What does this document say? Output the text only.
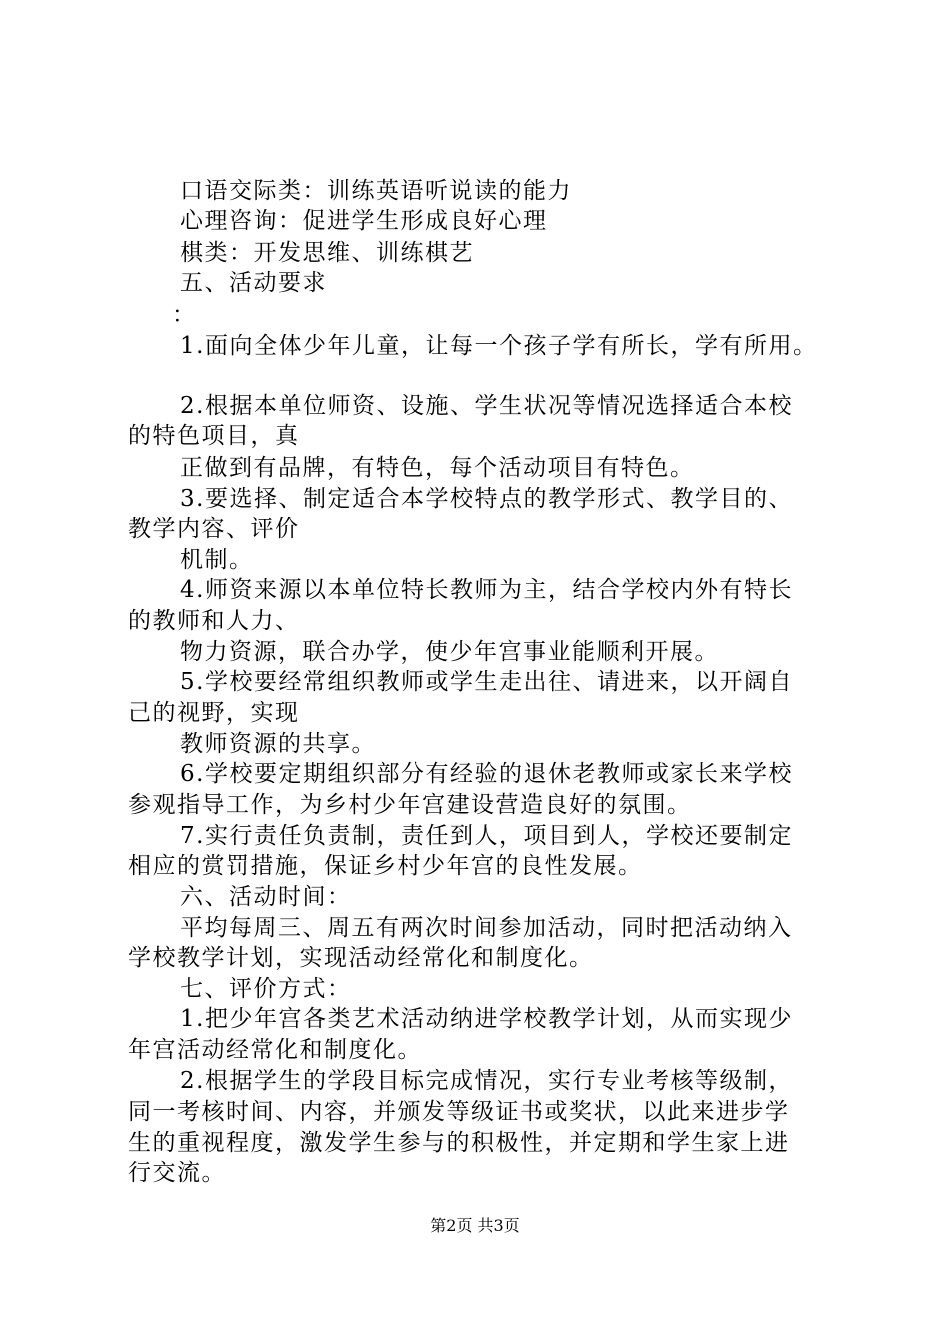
口语交际类：训练英语听说读的能力
心理咨询：促进学生形成良好心理
棋类：开发思维、训练棋艺
五、活动要求
：
1.面向全体少年儿童，让每一个孩子学有所长，学有所用。
2.根据本单位师资、设施、学生状况等情况选择适合本校
的特色项目，真
正做到有品牌，有特色，每个活动项目有特色。
3.要选择、制定适合本学校特点的教学形式、教学目的、
教学内容、评价
机制。
4.师资来源以本单位特长教师为主，结合学校内外有特长
的教师和人力、
物力资源，联合办学，使少年宫事业能顺利开展。
5.学校要经常组织教师或学生走出往、请进来，以开阔自
己的视野，实现
教师资源的共享。
6.学校要定期组织部分有经验的退休老教师或家长来学校
参观指导工作，为乡村少年宫建设营造良好的氛围。
7.实行责任负责制，责任到人，项目到人，学校还要制定
相应的赏罚措施，保证乡村少年宫的良性发展。
六、活动时间：
平均每周三、周五有两次时间参加活动，同时把活动纳入
学校教学计划，实现活动经常化和制度化。
七、评价方式：
1.把少年宫各类艺术活动纳进学校教学计划，从而实现少
年宫活动经常化和制度化。
2.根据学生的学段目标完成情况，实行专业考核等级制，
同一考核时间、内容，并颁发等级证书或奖状，以此来进步学
生的重视程度，激发学生参与的积极性，并定期和学生家上进
行交流。
第2页 共3页
